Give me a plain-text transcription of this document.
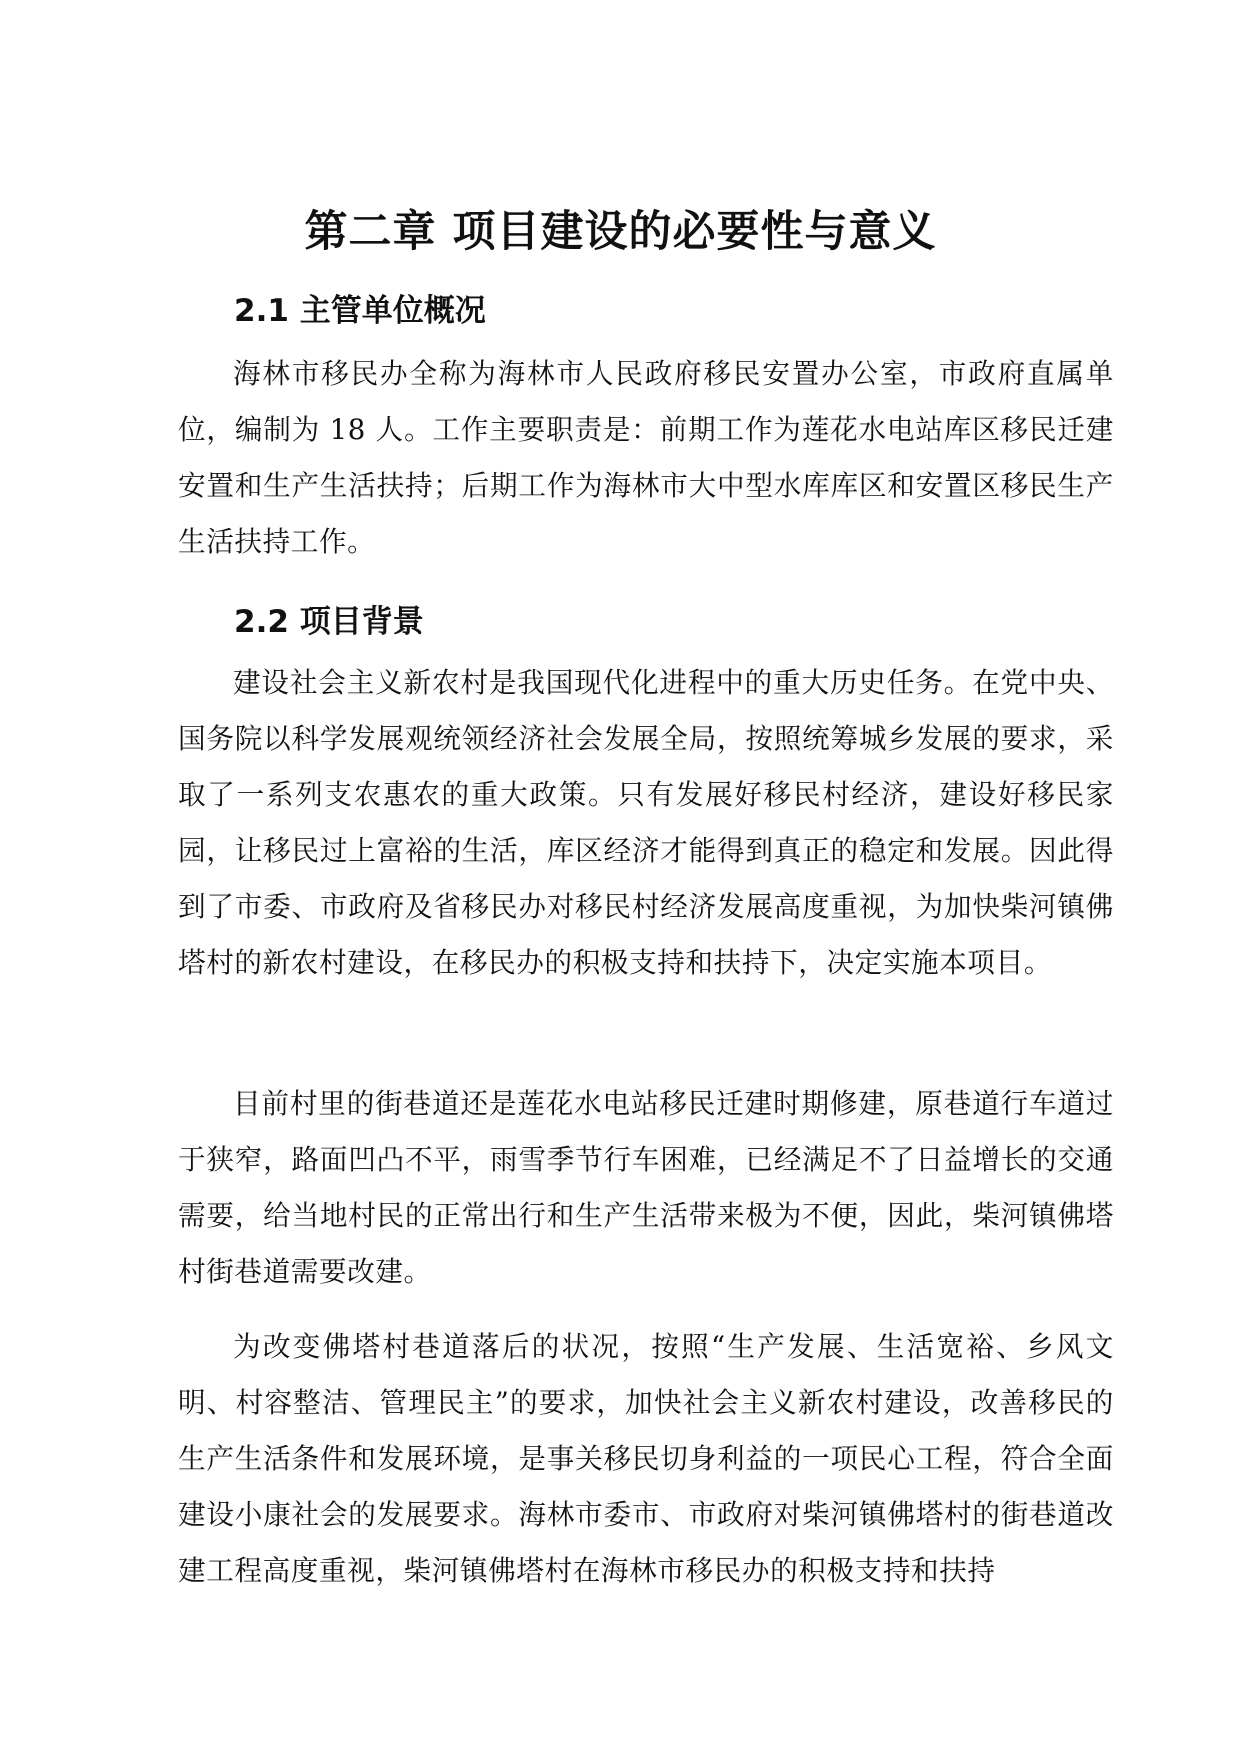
第二章 项目建设的必要性与意义
2.1 主管单位概况

海林市移民办全称为海林市人民政府移民安置办公室，市政府直属单位，编制为 18 人。工作主要职责是：前期工作为莲花水电站库区移民迁建安置和生产生活扶持；后期工作为海林市大中型水库库区和安置区移民生产生活扶持工作。

2.2 项目背景

建设社会主义新农村是我国现代化进程中的重大历史任务。在党中央、国务院以科学发展观统领经济社会发展全局，按照统筹城乡发展的要求，采取了一系列支农惠农的重大政策。只有发展好移民村经济，建设好移民家园，让移民过上富裕的生活，库区经济才能得到真正的稳定和发展。因此得到了市委、市政府及省移民办对移民村经济发展高度重视，为加快柴河镇佛塔村的新农村建设，在移民办的积极支持和扶持下，决定实施本项目。

目前村里的街巷道还是莲花水电站移民迁建时期修建，原巷道行车道过于狭窄，路面凹凸不平，雨雪季节行车困难，已经满足不了日益增长的交通需要，给当地村民的正常出行和生产生活带来极为不便，因此，柴河镇佛塔村街巷道需要改建。

为改变佛塔村巷道落后的状况，按照“生产发展、生活宽裕、乡风文明、村容整洁、管理民主”的要求，加快社会主义新农村建设，改善移民的生产生活条件和发展环境，是事关移民切身利益的一项民心工程，符合全面建设小康社会的发展要求。海林市委市、市政府对柴河镇佛塔村的街巷道改建工程高度重视，柴河镇佛塔村在海林市移民办的积极支持和扶持
